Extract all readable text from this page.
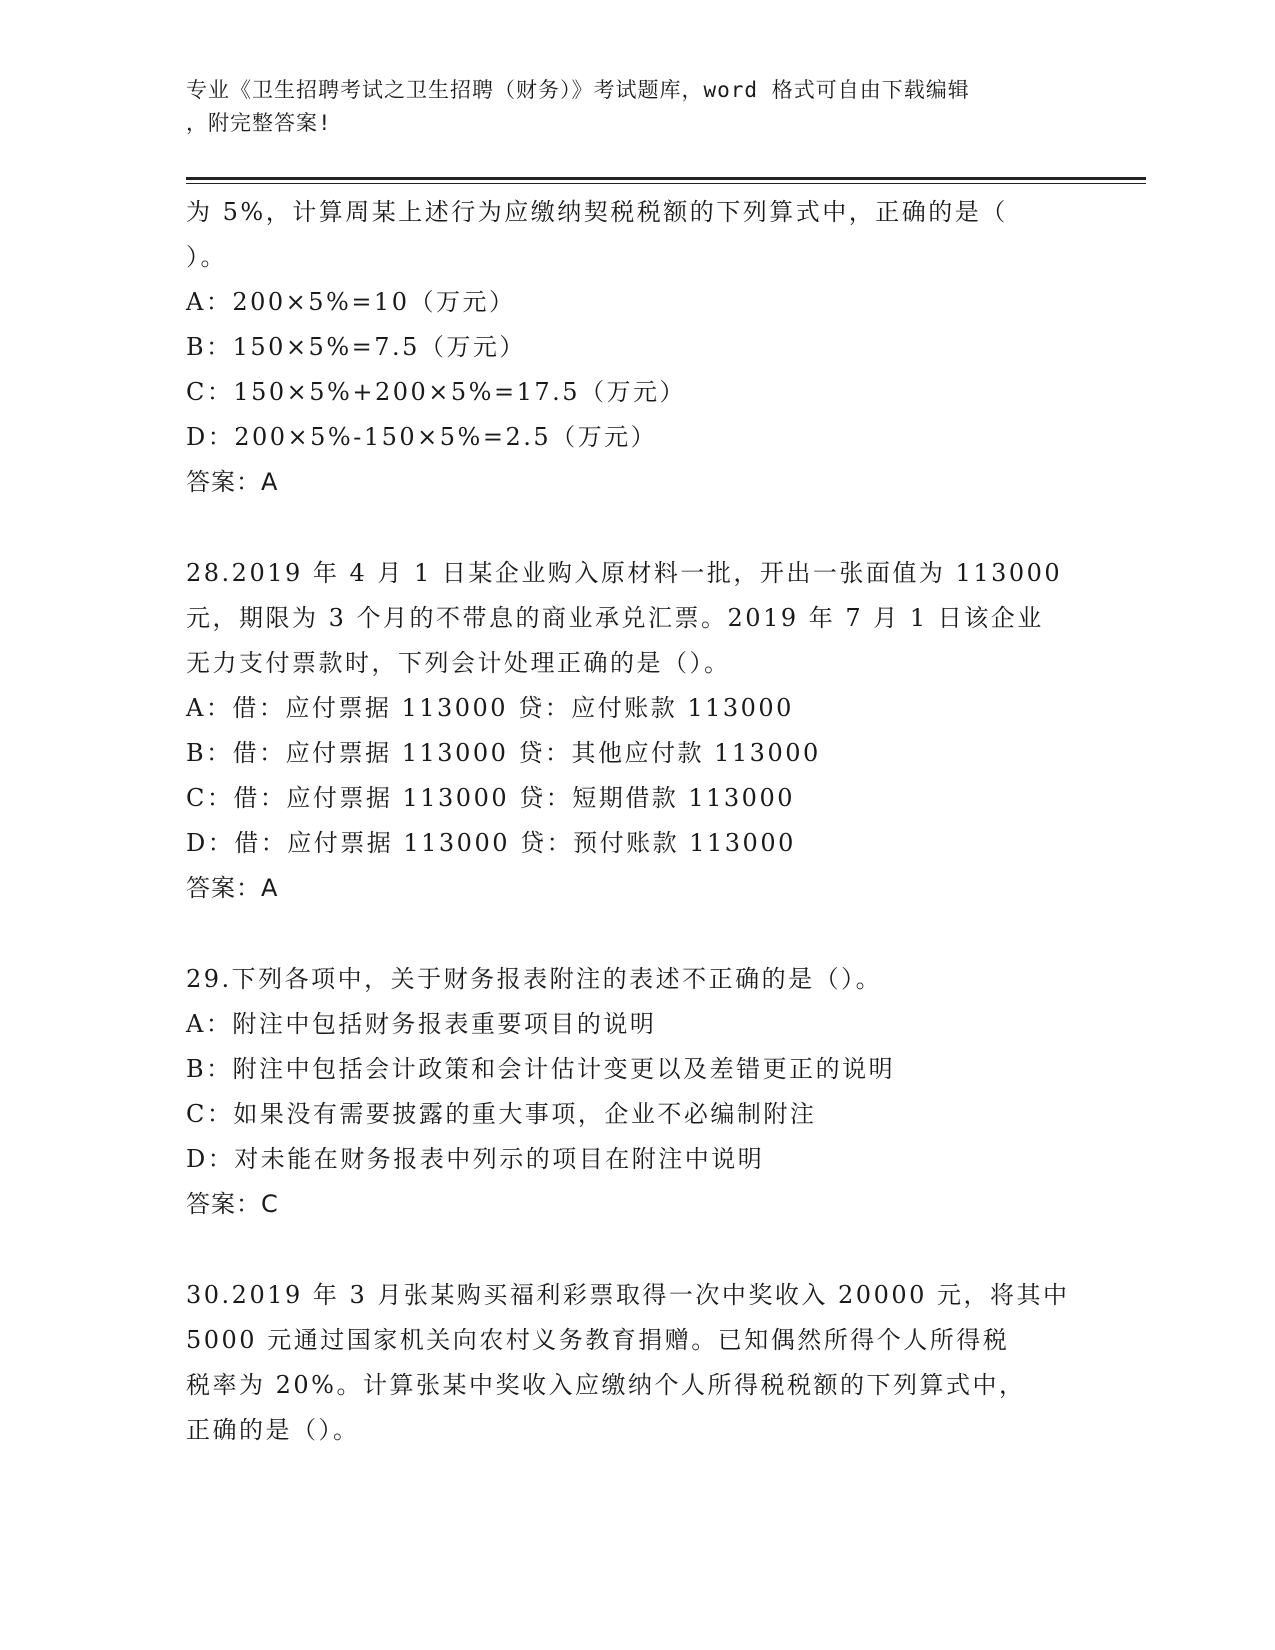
专业《卫生招聘考试之卫生招聘（财务）》考试题库，word 格式可自由下载编辑
，附完整答案!
为 5%，计算周某上述行为应缴纳契税税额的下列算式中，正确的是（
）。
A：200×5%=10（万元）
B：150×5%=7.5（万元）
C：150×5%+200×5%=17.5（万元）
D：200×5%-150×5%=2.5（万元）
答案：A
28.2019 年 4 月 1 日某企业购入原材料一批，开出一张面值为 113000
元，期限为 3 个月的不带息的商业承兑汇票。2019 年 7 月 1 日该企业
无力支付票款时，下列会计处理正确的是（）。
A：借：应付票据 113000 贷：应付账款 113000
B：借：应付票据 113000 贷：其他应付款 113000
C：借：应付票据 113000 贷：短期借款 113000
D：借：应付票据 113000 贷：预付账款 113000
答案：A
29.下列各项中，关于财务报表附注的表述不正确的是（）。
A：附注中包括财务报表重要项目的说明
B：附注中包括会计政策和会计估计变更以及差错更正的说明
C：如果没有需要披露的重大事项，企业不必编制附注
D：对未能在财务报表中列示的项目在附注中说明
答案：C
30.2019 年 3 月张某购买福利彩票取得一次中奖收入 20000 元，将其中
5000 元通过国家机关向农村义务教育捐赠。已知偶然所得个人所得税
税率为 20%。计算张某中奖收入应缴纳个人所得税税额的下列算式中，
正确的是（）。
